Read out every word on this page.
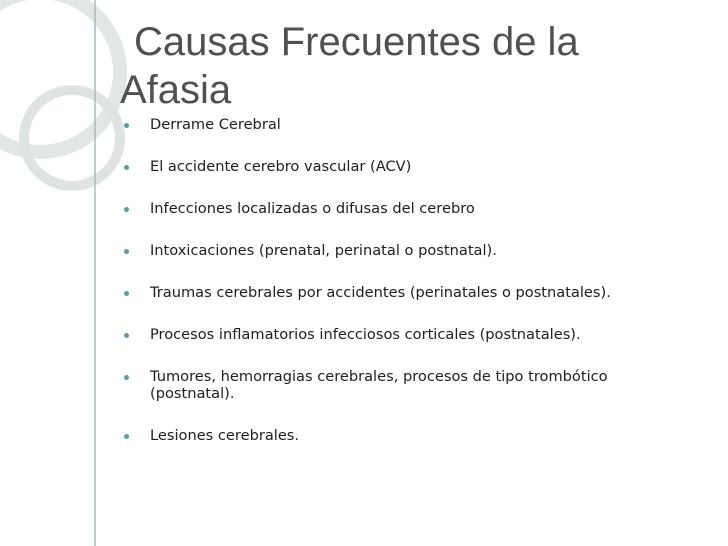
Causas Frecuentes de la Afasia
Derrame Cerebral
El accidente cerebro vascular (ACV)
Infecciones localizadas o difusas del cerebro
Intoxicaciones (prenatal, perinatal o postnatal).
Traumas cerebrales por accidentes (perinatales o postnatales).
Procesos inflamatorios infecciosos corticales (postnatales).
Tumores, hemorragias cerebrales, procesos de tipo trombótico (postnatal).
Lesiones cerebrales.
